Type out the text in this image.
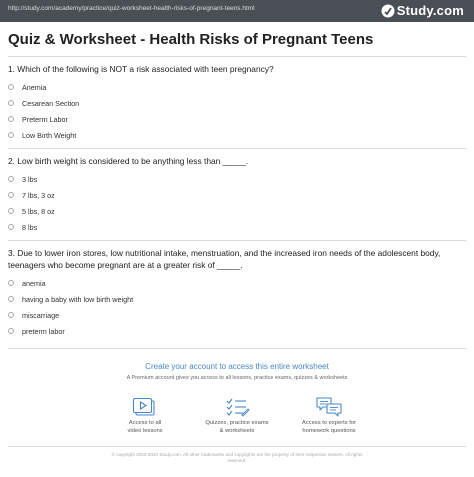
http://study.com/academy/practice/quiz-worksheet-health-risks-of-pregnant-teens.html	Study.com
Quiz & Worksheet - Health Risks of Pregnant Teens
1. Which of the following is NOT a risk associated with teen pregnancy?
Anemia
Cesarean Section
Preterm Labor
Low Birth Weight
2. Low birth weight is considered to be anything less than _____.
3 lbs
7 lbs, 3 oz
5 lbs, 8 oz
8 lbs
3. Due to lower iron stores, low nutritional intake, menstruation, and the increased iron needs of the adolescent body, teenagers who become pregnant are at a greater risk of _____.
anemia
having a baby with low birth weight
miscarriage
preterm labor
Create your account to access this entire worksheet
A Premium account gives you access to all lessons, practice exams, quizzes & worksheets
Access to all
video lessons
Quizzes, practice exams
& worksheets
Access to experts for
homework questions
© copyright 2003-2020 Study.com. All other trademarks and copyrights are the property of their respective owners. All rights
reserved.
